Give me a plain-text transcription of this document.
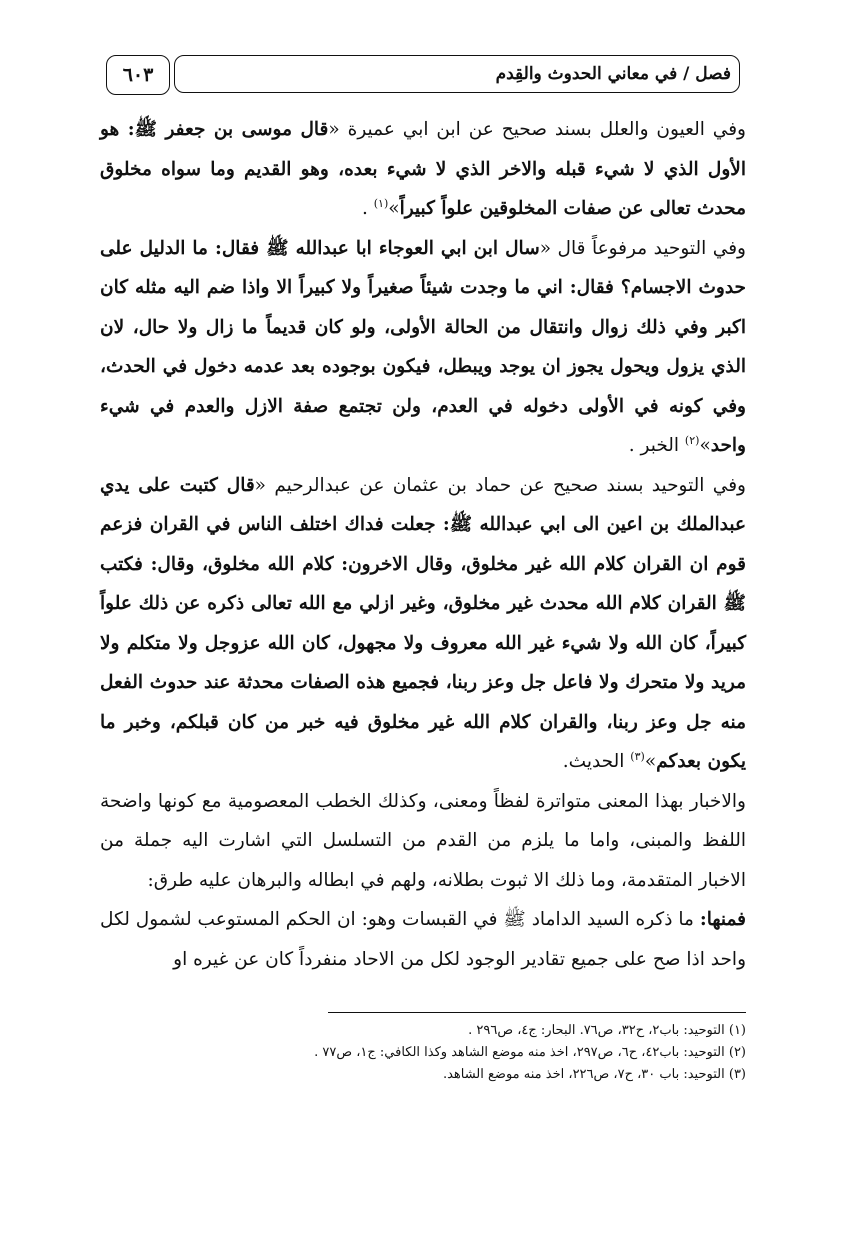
٦٠٣	فصل / في معاني الحدوث والقِدم

وفي العيون والعلل بسند صحيح عن ابن ابي عميرة «قال موسى بن جعفر ﷺ: هو الأول الذي لا شيء قبله والاخر الذي لا شيء بعده، وهو القديم وما سواه مخلوق محدث تعالى عن صفات المخلوقين علواً كبيراً»$^{(١)}$ .

وفي التوحيد مرفوعاً قال «سال ابن ابي العوجاء ابا عبدالله ﷺ فقال: ما الدليل على حدوث الاجسام؟ فقال: اني ما وجدت شيئاً صغيراً ولا كبيراً الا واذا ضم اليه مثله كان اكبر وفي ذلك زوال وانتقال من الحالة الأولى، ولو كان قديماً ما زال ولا حال، لان الذي يزول ويحول يجوز ان يوجد ويبطل، فيكون بوجوده بعد عدمه دخول في الحدث، وفي كونه في الأولى دخوله في العدم، ولن تجتمع صفة الازل والعدم في شيء واحد»$^{(٢)}$ الخبر .

وفي التوحيد بسند صحيح عن حماد بن عثمان عن عبدالرحيم «قال كتبت على يدي عبدالملك بن اعين الى ابي عبدالله ﷺ: جعلت فداك اختلف الناس في القران فزعم قوم ان القران كلام الله غير مخلوق، وقال الاخرون: كلام الله مخلوق، وقال: فكتب ﷺ القران كلام الله محدث غير مخلوق، وغير ازلي مع الله تعالى ذكره عن ذلك علواً كبيراً، كان الله ولا شيء غير الله معروف ولا مجهول، كان الله عزوجل ولا متكلم ولا مريد ولا متحرك ولا فاعل جل وعز ربنا، فجميع هذه الصفات محدثة عند حدوث الفعل منه جل وعز ربنا، والقران كلام الله غير مخلوق فيه خبر من كان قبلكم، وخبر ما يكون بعدكم»$^{(٣)}$ الحديث.

والاخبار بهذا المعنى متواترة لفظاً ومعنى، وكذلك الخطب المعصومية مع كونها واضحة اللفظ والمبنى، واما ما يلزم من القدم من التسلسل التي اشارت اليه جملة من الاخبار المتقدمة، وما ذلك الا ثبوت بطلانه، ولهم في ابطاله والبرهان عليه طرق:

فمنها: ما ذكره السيد الداماد ﷺ في القبسات وهو: ان الحكم المستوعب لشمول لكل واحد اذا صح على جميع تقادير الوجود لكل من الاحاد منفرداً كان عن غيره او

(١) التوحيد: باب٢، ح٣٢، ص٧٦. البحار: ج٤، ص٢٩٦ .
(٢) التوحيد: باب٤٢، ح٦، ص٢٩٧، اخذ منه موضع الشاهد وكذا الكافي: ج١، ص٧٧ .
(٣) التوحيد: باب ٣٠، ح٧، ص٢٢٦، اخذ منه موضع الشاهد.
